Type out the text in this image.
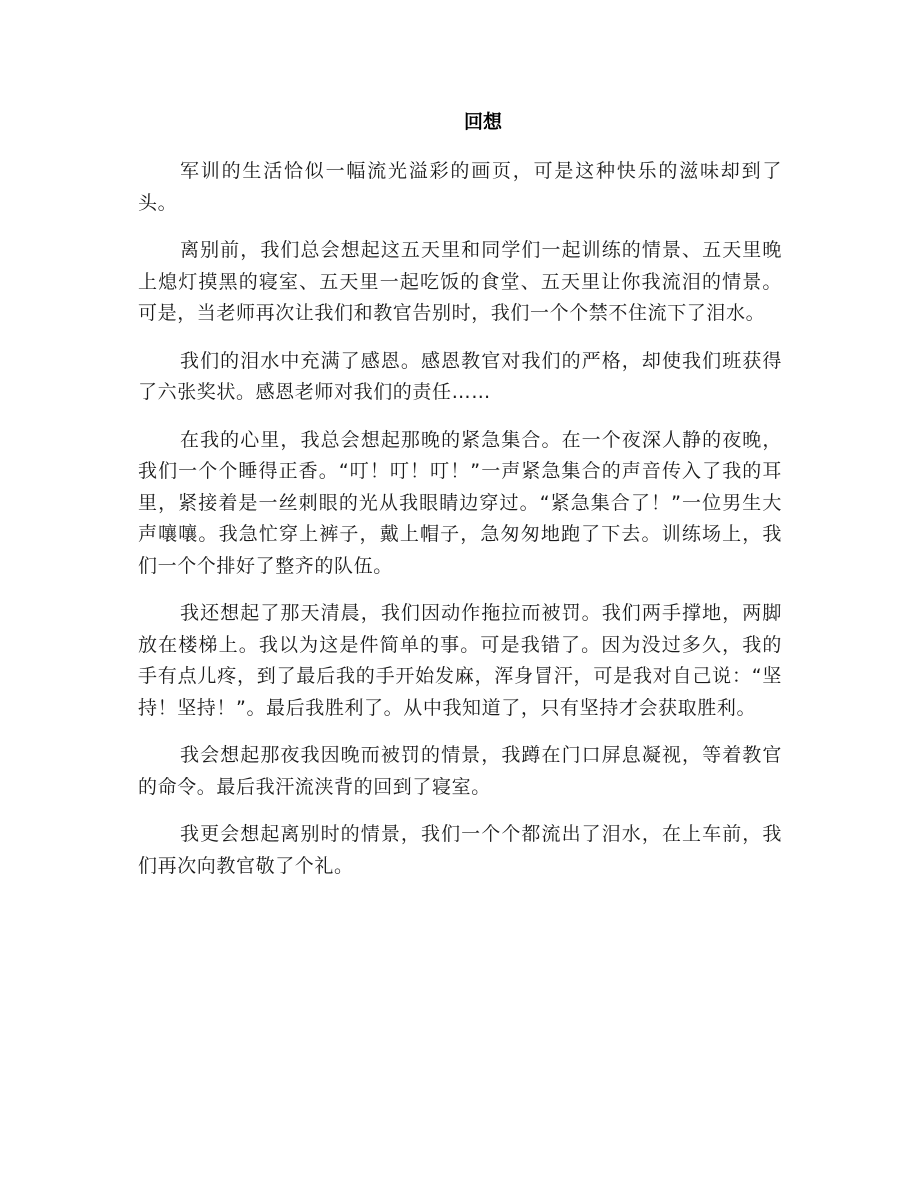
回想

军训的生活恰似一幅流光溢彩的画页，可是这种快乐的滋味却到了头。

离别前，我们总会想起这五天里和同学们一起训练的情景、五天里晚上熄灯摸黑的寝室、五天里一起吃饭的食堂、五天里让你我流泪的情景。可是，当老师再次让我们和教官告别时，我们一个个禁不住流下了泪水。

我们的泪水中充满了感恩。感恩教官对我们的严格，却使我们班获得了六张奖状。感恩老师对我们的责任……

在我的心里，我总会想起那晚的紧急集合。在一个夜深人静的夜晚，我们一个个睡得正香。“叮！叮！叮！”一声紧急集合的声音传入了我的耳里，紧接着是一丝刺眼的光从我眼睛边穿过。“紧急集合了！”一位男生大声嚷嚷。我急忙穿上裤子，戴上帽子，急匆匆地跑了下去。训练场上，我们一个个排好了整齐的队伍。

我还想起了那天清晨，我们因动作拖拉而被罚。我们两手撑地，两脚放在楼梯上。我以为这是件简单的事。可是我错了。因为没过多久，我的手有点儿疼，到了最后我的手开始发麻，浑身冒汗，可是我对自己说：“坚持！坚持！”。最后我胜利了。从中我知道了，只有坚持才会获取胜利。

我会想起那夜我因晚而被罚的情景，我蹲在门口屏息凝视，等着教官的命令。最后我汗流浃背的回到了寝室。

我更会想起离别时的情景，我们一个个都流出了泪水，在上车前，我们再次向教官敬了个礼。
